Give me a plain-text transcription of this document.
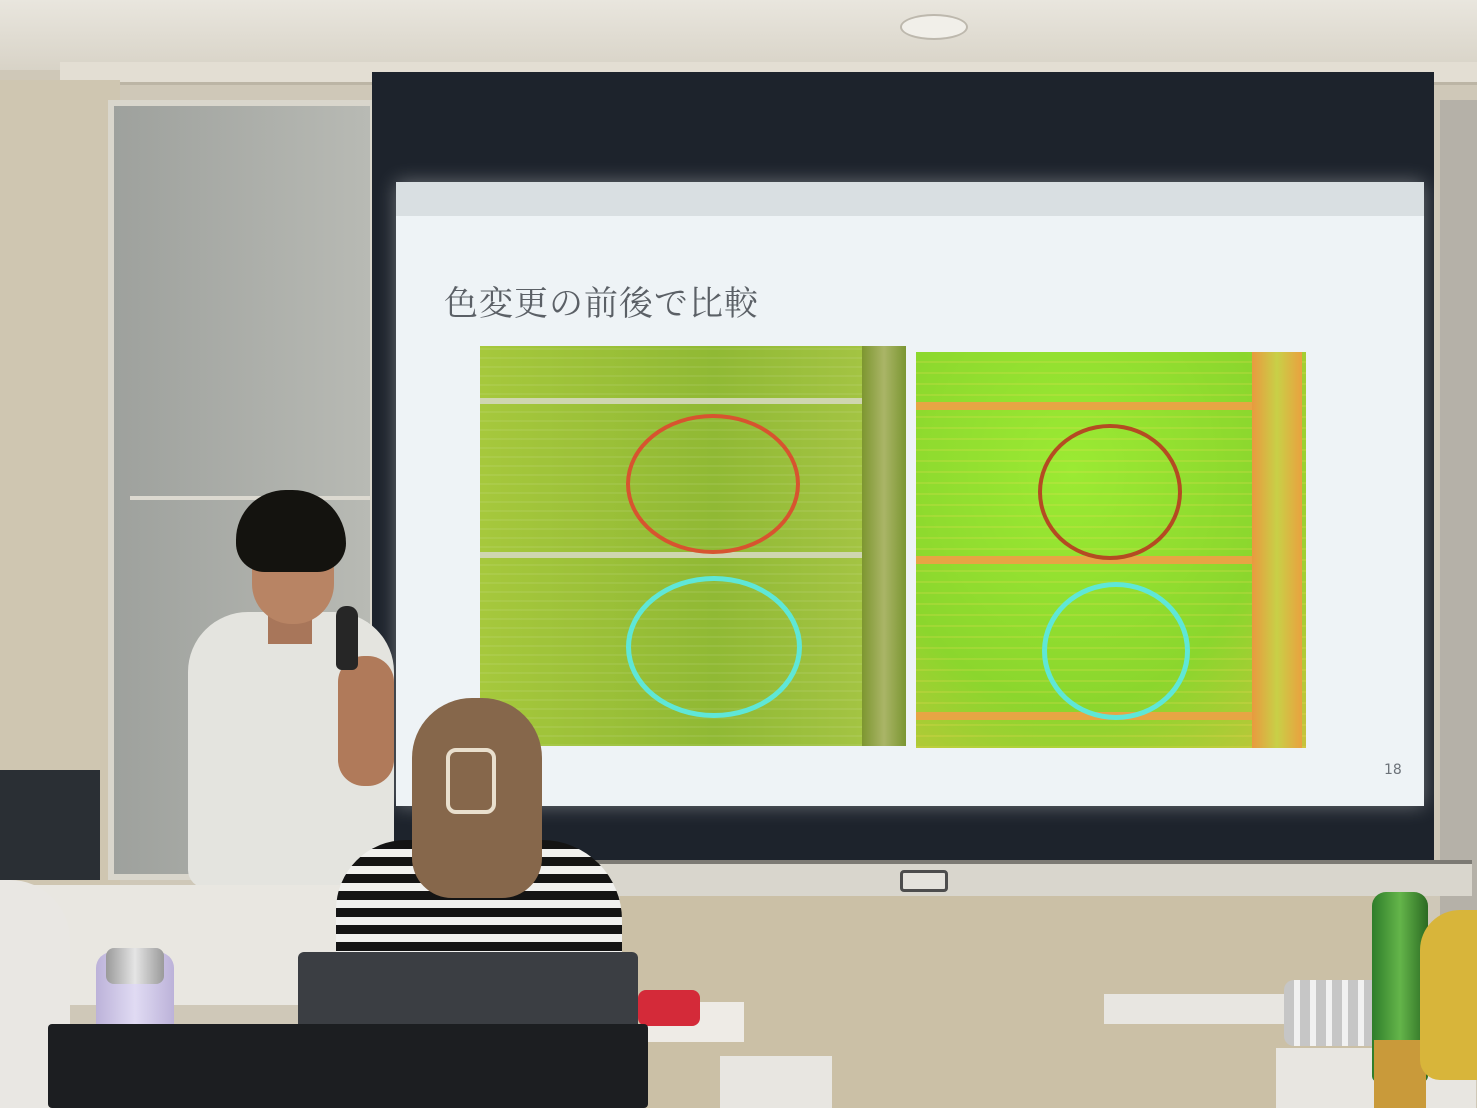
色変更の前後で比較
18
